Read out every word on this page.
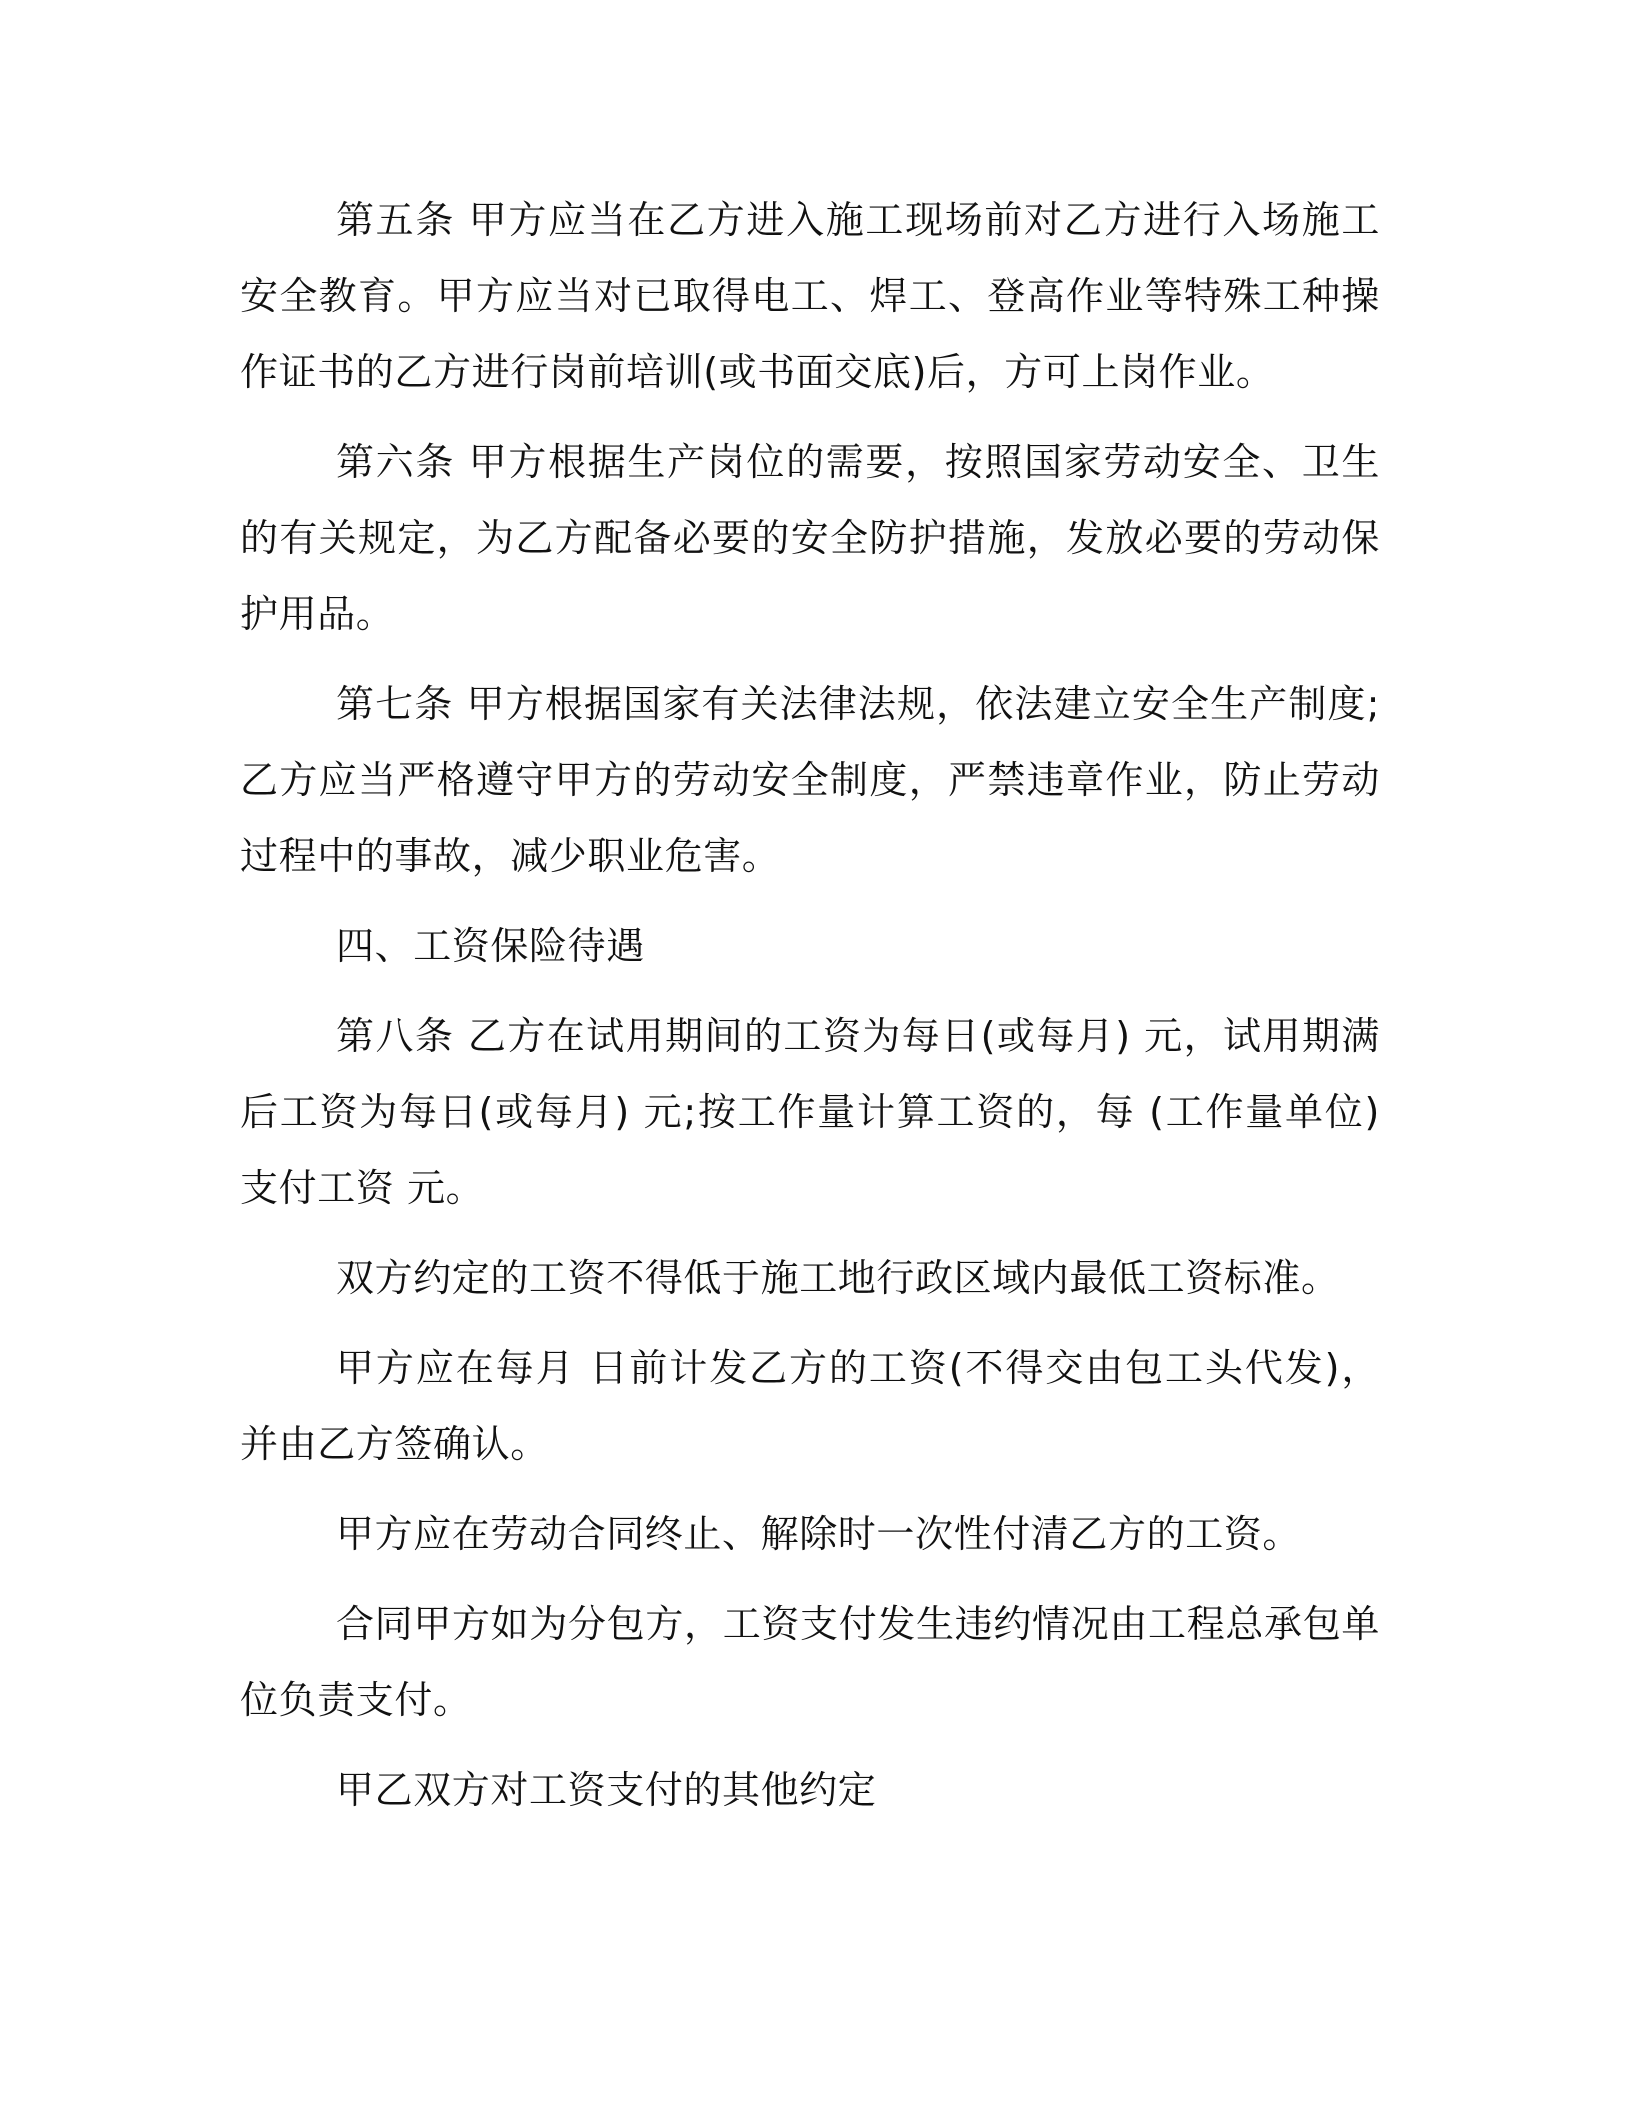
第五条 甲方应当在乙方进入施工现场前对乙方进行入场施工安全教育。甲方应当对已取得电工、焊工、登高作业等特殊工种操作证书的乙方进行岗前培训(或书面交底)后，方可上岗作业。

第六条 甲方根据生产岗位的需要，按照国家劳动安全、卫生的有关规定，为乙方配备必要的安全防护措施，发放必要的劳动保护用品。

第七条 甲方根据国家有关法律法规，依法建立安全生产制度;乙方应当严格遵守甲方的劳动安全制度，严禁违章作业，防止劳动过程中的事故，减少职业危害。

四、工资保险待遇

第八条 乙方在试用期间的工资为每日(或每月) 元，试用期满后工资为每日(或每月) 元;按工作量计算工资的，每 (工作量单位)支付工资 元。

双方约定的工资不得低于施工地行政区域内最低工资标准。

甲方应在每月 日前计发乙方的工资(不得交由包工头代发)，并由乙方签确认。

甲方应在劳动合同终止、解除时一次性付清乙方的工资。

合同甲方如为分包方，工资支付发生违约情况由工程总承包单位负责支付。

甲乙双方对工资支付的其他约定
